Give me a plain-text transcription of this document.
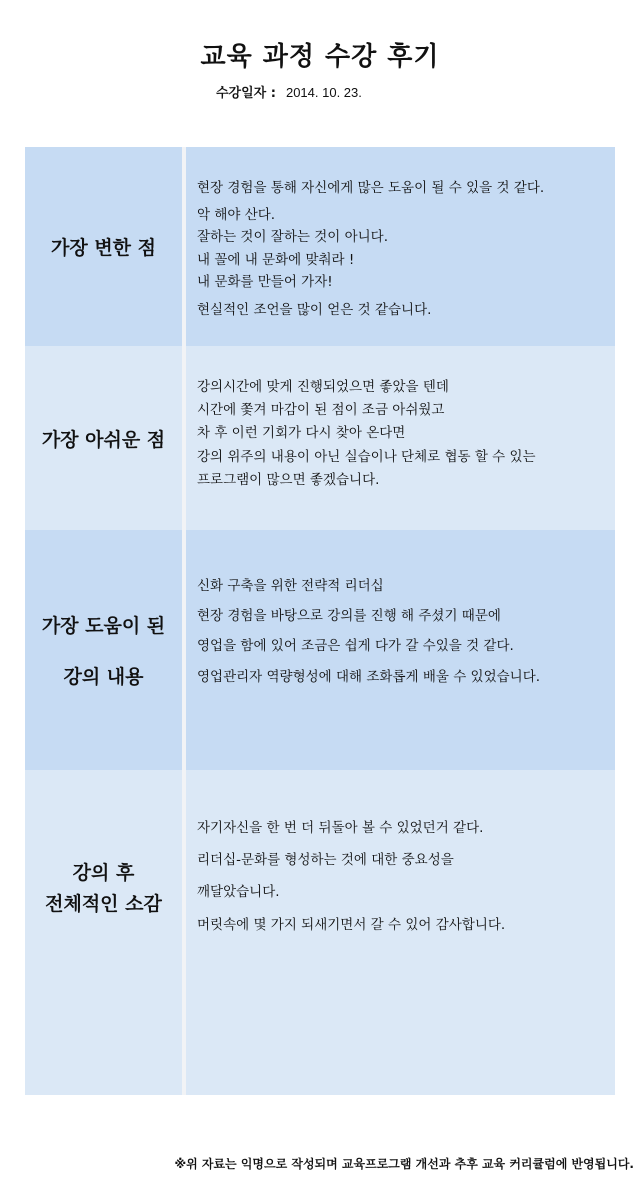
교육 과정 수강 후기
수강일자 : 2014. 10. 23.
가장 변한 점
현장 경험을 통해 자신에게 많은 도움이 될 수 있을 것 같다.
악 해야 산다.
잘하는 것이 잘하는 것이 아니다.
내 꼴에 내 문화에 맞춰라 !
내 문화를 만들어 가자!
현실적인 조언을 많이 얻은 것 같습니다.
가장 아쉬운 점
강의시간에 맞게 진행되었으면 좋았을 텐데
시간에 쫓겨 마감이 된 점이 조금 아쉬웠고
차 후 이런 기회가 다시 찾아 온다면
강의 위주의 내용이 아닌 실습이나 단체로 협동 할 수 있는
프로그램이 많으면 좋겠습니다.
가장 도움이 된
강의 내용
신화 구축을 위한 전략적 리더십
현장 경험을 바탕으로 강의를 진행 해 주셨기 때문에
영업을 함에 있어 조금은 쉽게 다가 갈 수있을 것 같다.
영업관리자 역량형성에 대해 조화롭게 배울 수 있었습니다.
강의 후
전체적인 소감
자기자신을 한 번 더 뒤돌아 볼 수 있었던거 같다.
리더십-문화를 형성하는 것에 대한 중요성을
깨달았습니다.
머릿속에 몇 가지 되새기면서 갈 수 있어 감사합니다.
※위 자료는 익명으로 작성되며 교육프로그램 개선과 추후 교육 커리큘럼에 반영됩니다.
